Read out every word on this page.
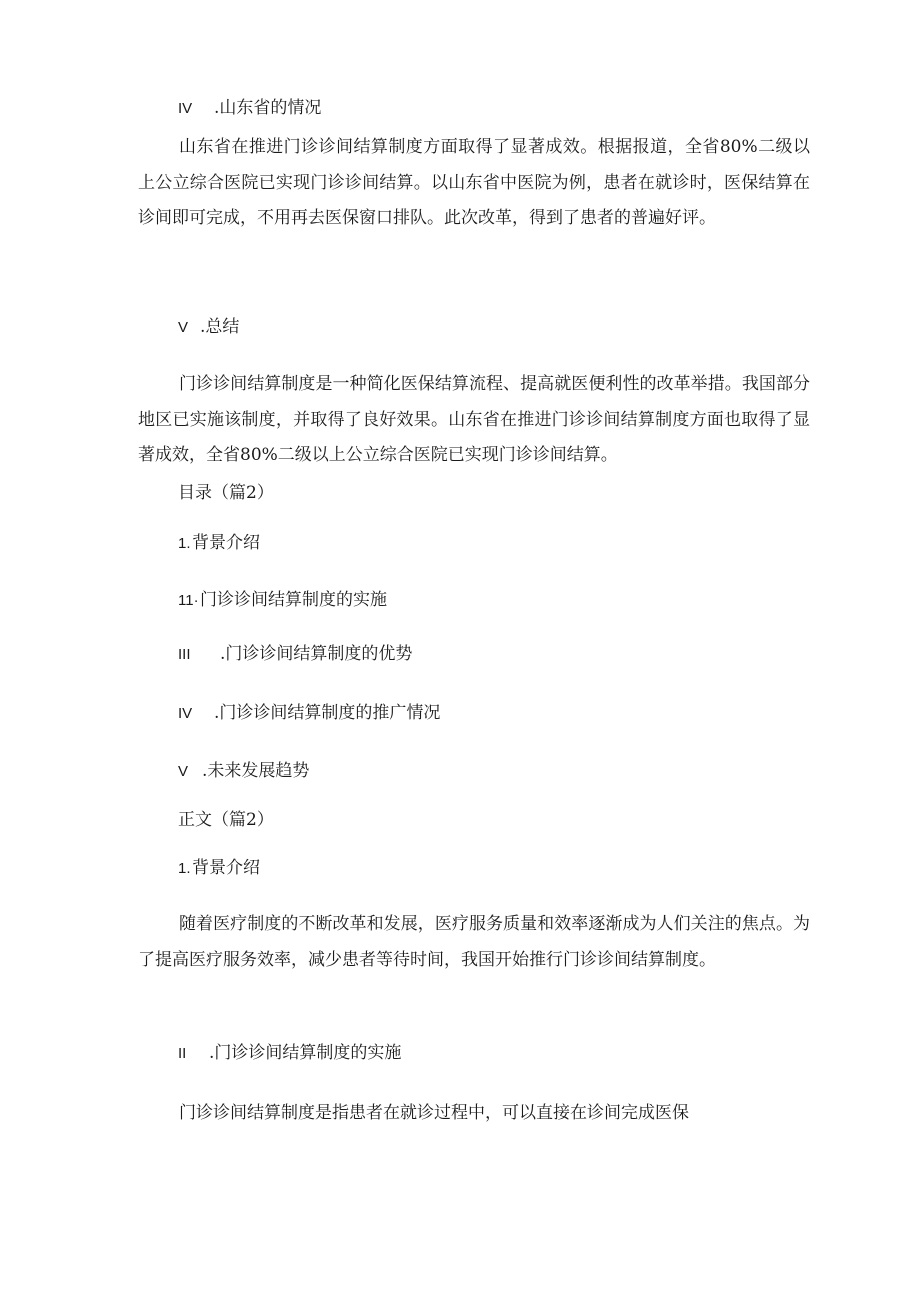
IV .山东省的情况

山东省在推进门诊诊间结算制度方面取得了显著成效。根据报道，全省80%二级以上公立综合医院已实现门诊诊间结算。以山东省中医院为例，患者在就诊时，医保结算在诊间即可完成，不用再去医保窗口排队。此次改革，得到了患者的普遍好评。

V .总结

门诊诊间结算制度是一种简化医保结算流程、提高就医便利性的改革举措。我国部分地区已实施该制度，并取得了良好效果。山东省在推进门诊诊间结算制度方面也取得了显著成效，全省80%二级以上公立综合医院已实现门诊诊间结算。

目录（篇2）
1.背景介绍
11·门诊诊间结算制度的实施
III .门诊诊间结算制度的优势
IV .门诊诊间结算制度的推广情况
V .未来发展趋势
正文（篇2）
1.背景介绍

随着医疗制度的不断改革和发展，医疗服务质量和效率逐渐成为人们关注的焦点。为了提高医疗服务效率，减少患者等待时间，我国开始推行门诊诊间结算制度。

II .门诊诊间结算制度的实施

门诊诊间结算制度是指患者在就诊过程中，可以直接在诊间完成医保
